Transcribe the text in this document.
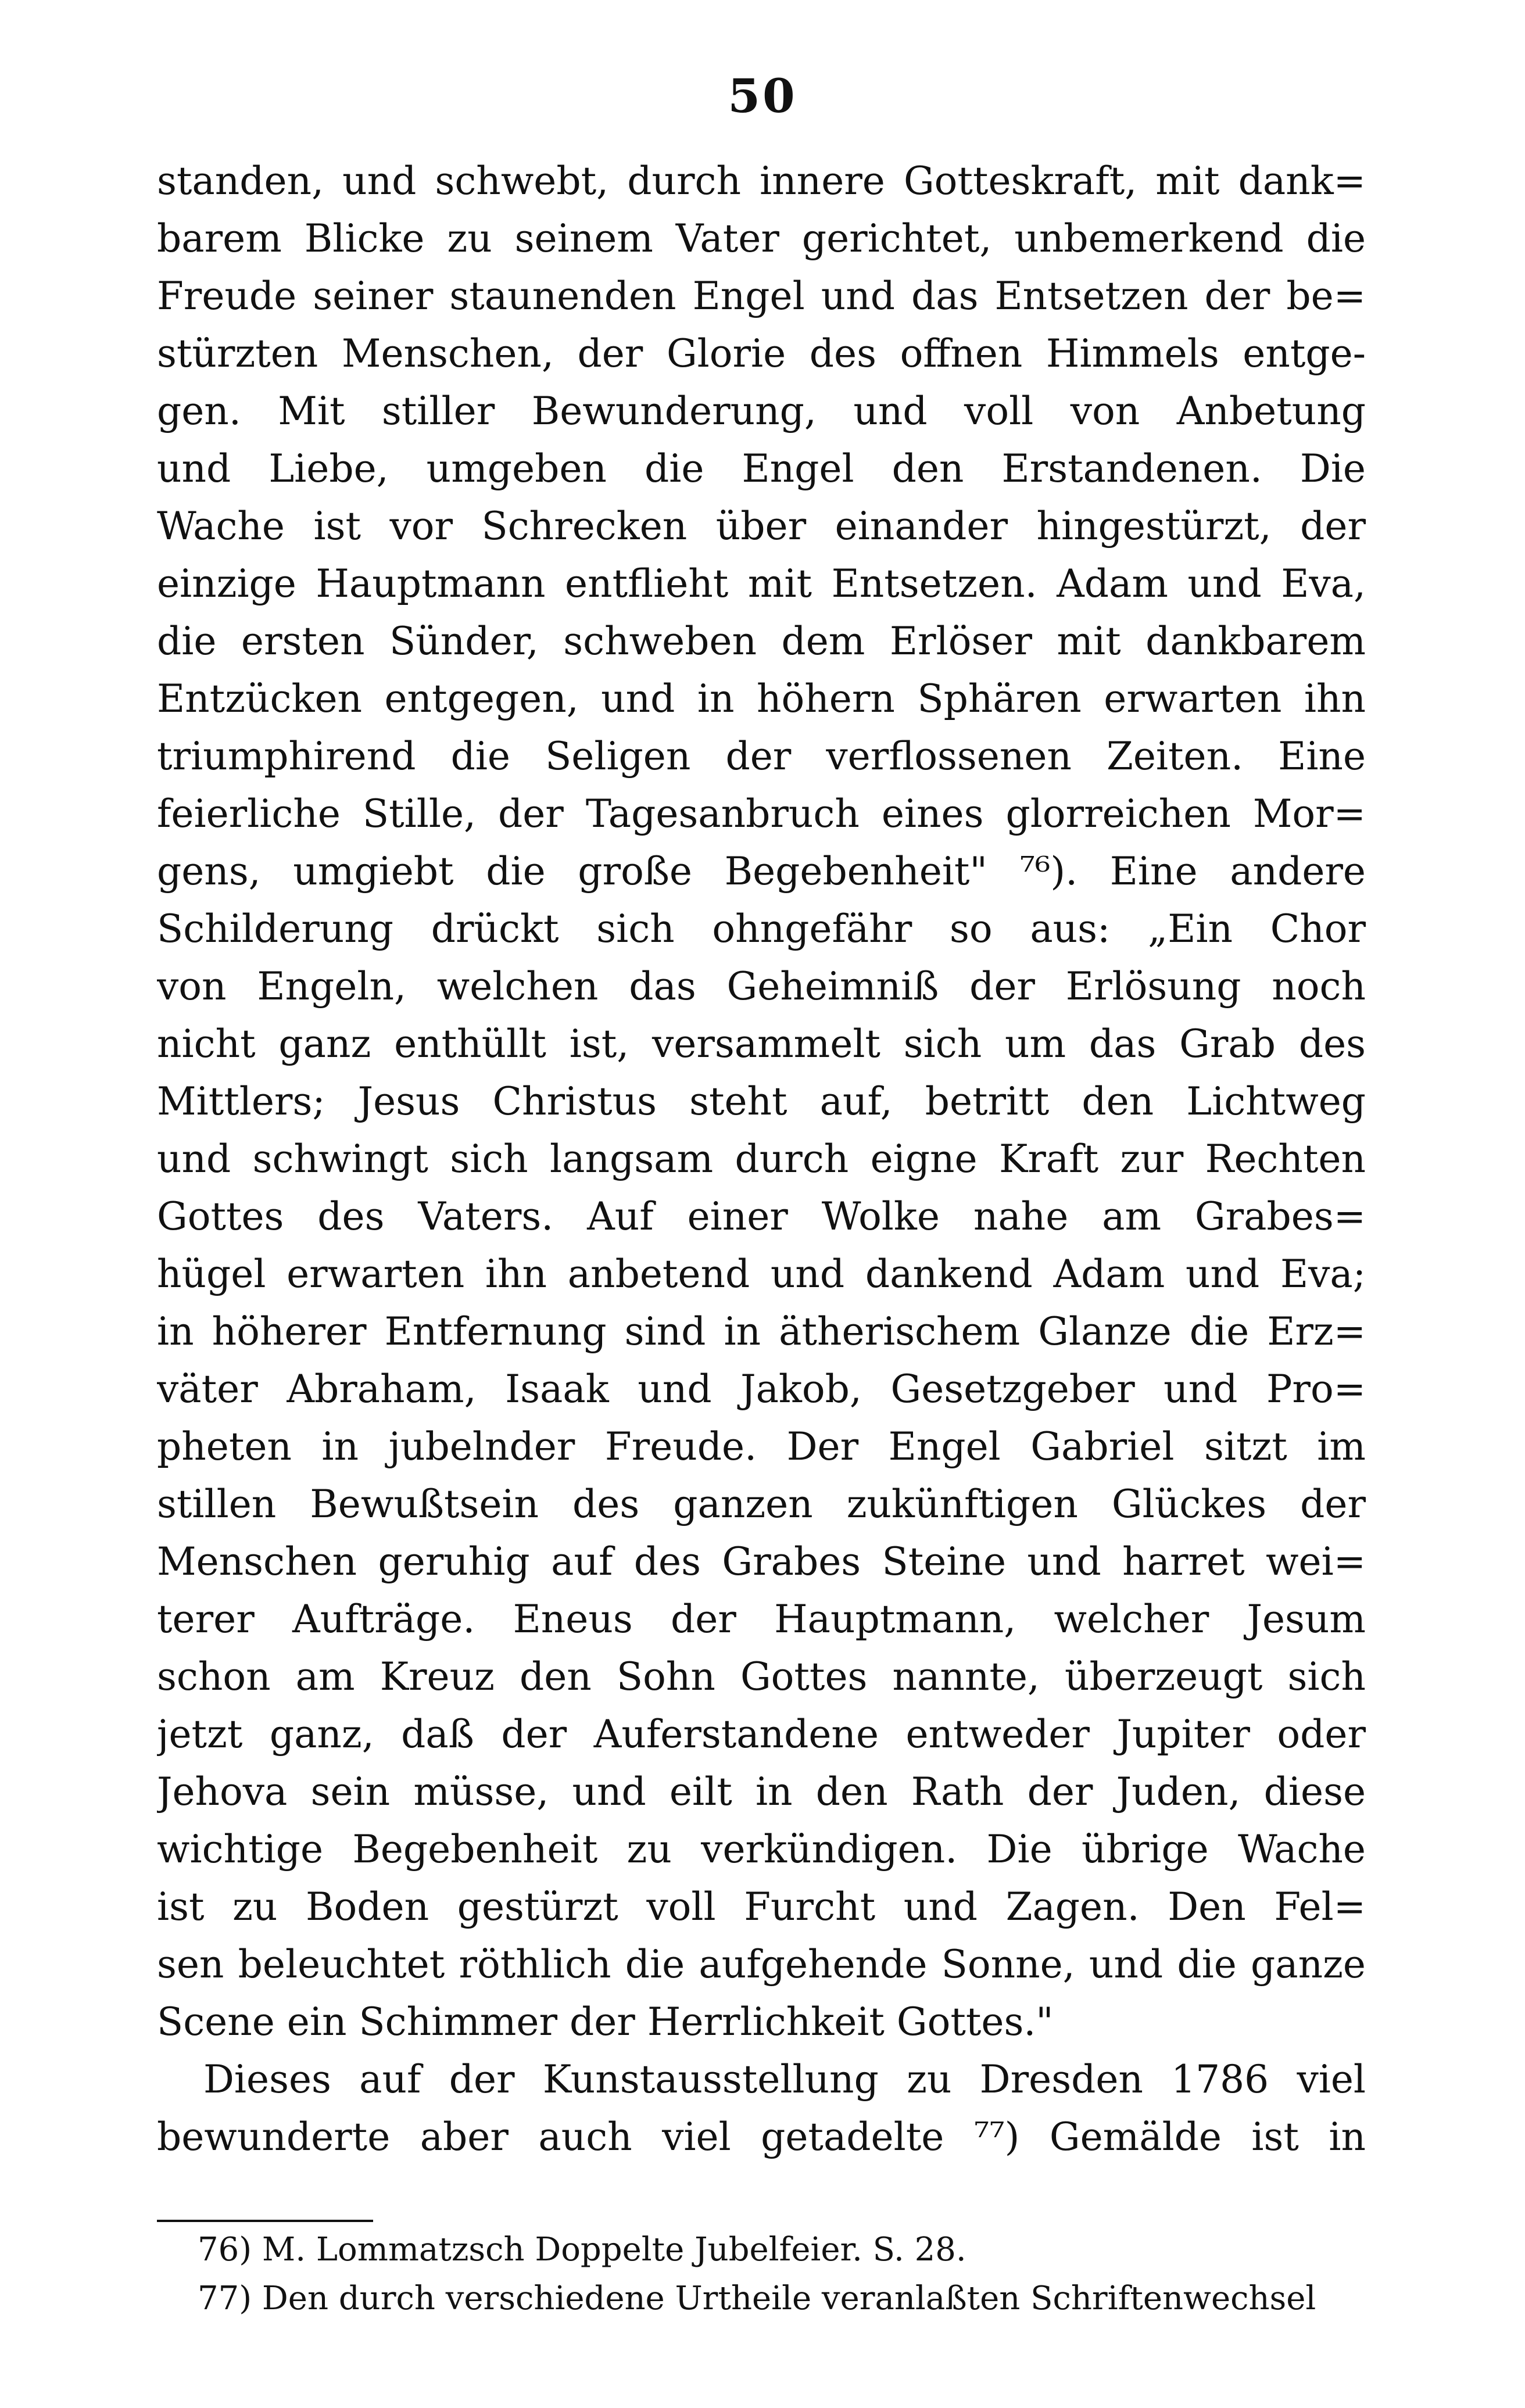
50
standen, und schwebt, durch innere Gotteskraft, mit dank=
barem Blicke zu seinem Vater gerichtet, unbemerkend die
Freude seiner staunenden Engel und das Entsetzen der be=
stürzten Menschen, der Glorie des offnen Himmels entge-
gen. Mit stiller Bewunderung, und voll von Anbetung
und Liebe, umgeben die Engel den Erstandenen. Die
Wache ist vor Schrecken über einander hingestürzt, der
einzige Hauptmann entflieht mit Entsetzen. Adam und Eva,
die ersten Sünder, schweben dem Erlöser mit dankbarem
Entzücken entgegen, und in höhern Sphären erwarten ihn
triumphirend die Seligen der verflossenen Zeiten. Eine
feierliche Stille, der Tagesanbruch eines glorreichen Mor=
gens, umgiebt die große Begebenheit" ⁷⁶). Eine andere
Schilderung drückt sich ohngefähr so aus: „Ein Chor
von Engeln, welchen das Geheimniß der Erlösung noch
nicht ganz enthüllt ist, versammelt sich um das Grab des
Mittlers; Jesus Christus steht auf, betritt den Lichtweg
und schwingt sich langsam durch eigne Kraft zur Rechten
Gottes des Vaters. Auf einer Wolke nahe am Grabes=
hügel erwarten ihn anbetend und dankend Adam und Eva;
in höherer Entfernung sind in ätherischem Glanze die Erz=
väter Abraham, Isaak und Jakob, Gesetzgeber und Pro=
pheten in jubelnder Freude. Der Engel Gabriel sitzt im
stillen Bewußtsein des ganzen zukünftigen Glückes der
Menschen geruhig auf des Grabes Steine und harret wei=
terer Aufträge. Eneus der Hauptmann, welcher Jesum
schon am Kreuz den Sohn Gottes nannte, überzeugt sich
jetzt ganz, daß der Auferstandene entweder Jupiter oder
Jehova sein müsse, und eilt in den Rath der Juden, diese
wichtige Begebenheit zu verkündigen. Die übrige Wache
ist zu Boden gestürzt voll Furcht und Zagen. Den Fel=
sen beleuchtet röthlich die aufgehende Sonne, und die ganze
Scene ein Schimmer der Herrlichkeit Gottes."
Dieses auf der Kunstausstellung zu Dresden 1786 viel
bewunderte aber auch viel getadelte ⁷⁷) Gemälde ist in
76) M. Lommatzsch Doppelte Jubelfeier. S. 28.
77) Den durch verschiedene Urtheile veranlaßten Schriftenwechsel
